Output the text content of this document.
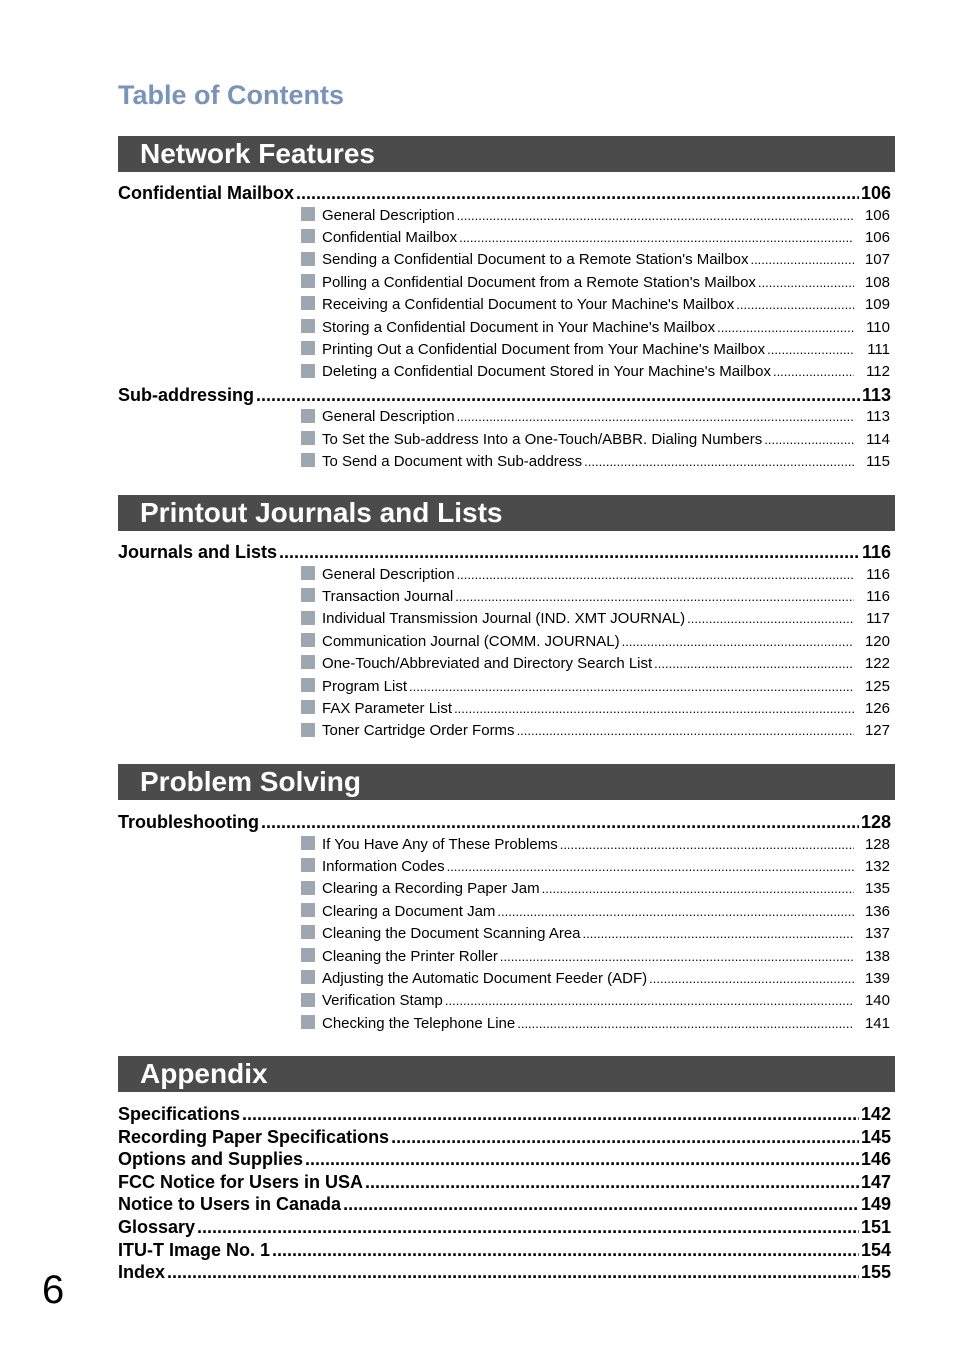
Table of Contents
Network Features
Confidential Mailbox .....	106
General Description .....	106
Confidential Mailbox .....	106
Sending a Confidential Document to a Remote Station's Mailbox .....	107
Polling a Confidential Document from a Remote Station's Mailbox .....	108
Receiving a Confidential Document to Your Machine's Mailbox .....	109
Storing a Confidential Document in Your Machine's Mailbox .....	110
Printing Out a Confidential Document from Your Machine's Mailbox .....	111
Deleting a Confidential Document Stored in Your Machine's Mailbox .....	112
Sub-addressing .....	113
General Description .....	113
To Set the Sub-address Into a One-Touch/ABBR. Dialing Numbers .....	114
To Send a Document with Sub-address .....	115
Printout Journals and Lists
Journals and Lists .....	116
General Description .....	116
Transaction Journal .....	116
Individual Transmission Journal (IND. XMT JOURNAL) .....	117
Communication Journal (COMM. JOURNAL) .....	120
One-Touch/Abbreviated and Directory Search List .....	122
Program List .....	125
FAX Parameter List .....	126
Toner Cartridge Order Forms .....	127
Problem Solving
Troubleshooting .....	128
If You Have Any of These Problems .....	128
Information Codes .....	132
Clearing a Recording Paper Jam .....	135
Clearing a Document Jam .....	136
Cleaning the Document Scanning Area .....	137
Cleaning the Printer Roller .....	138
Adjusting the Automatic Document Feeder (ADF) .....	139
Verification Stamp .....	140
Checking the Telephone Line .....	141
Appendix
Specifications .....	142
Recording Paper Specifications .....	145
Options and Supplies .....	146
FCC Notice for Users in USA .....	147
Notice to Users in Canada .....	149
Glossary .....	151
ITU-T Image No. 1 .....	154
Index .....	155
6
